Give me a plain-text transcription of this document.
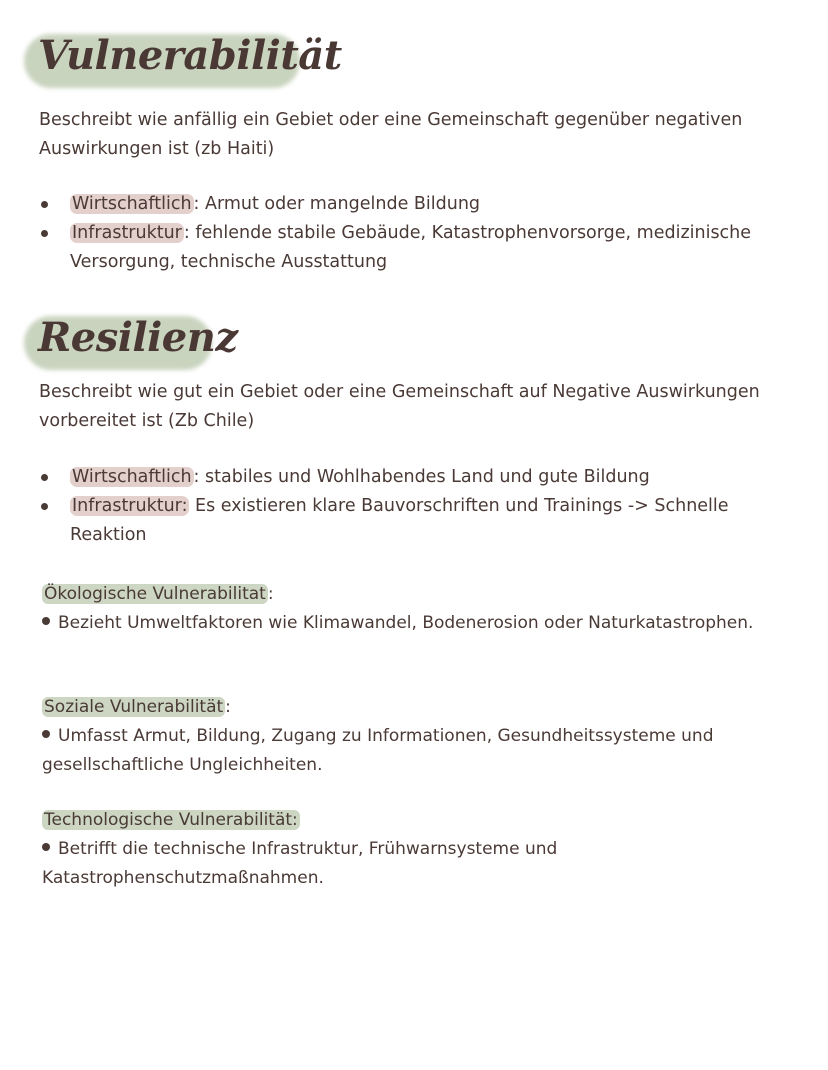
Vulnerabilität

Beschreibt wie anfällig ein Gebiet oder eine Gemeinschaft gegenüber negativen Auswirkungen ist (zb Haiti)

Wirtschaftlich : Armut oder mangelnde Bildung
Infrastruktur : fehlende stabile Gebäude, Katastrophenvorsorge, medizinische Versorgung, technische Ausstattung
Resilienz

Beschreibt wie gut ein Gebiet oder eine Gemeinschaft auf Negative Auswirkungen vorbereitet ist (Zb Chile)

Wirtschaftlich : stabiles und Wohlhabendes Land und gute Bildung
Infrastruktur: Es existieren klare Bauvorschriften und Trainings -> Schnelle Reaktion
Ökologische Vulnerabilitat :
Bezieht Umweltfaktoren wie Klimawandel, Bodenerosion oder Naturkatastrophen.
Soziale Vulnerabilität :
Umfasst Armut, Bildung, Zugang zu Informationen, Gesundheitssysteme und gesellschaftliche Ungleichheiten.
Technologische Vulnerabilität:
Betrifft die technische Infrastruktur, Frühwarnsysteme und Katastrophenschutzmaßnahmen.
